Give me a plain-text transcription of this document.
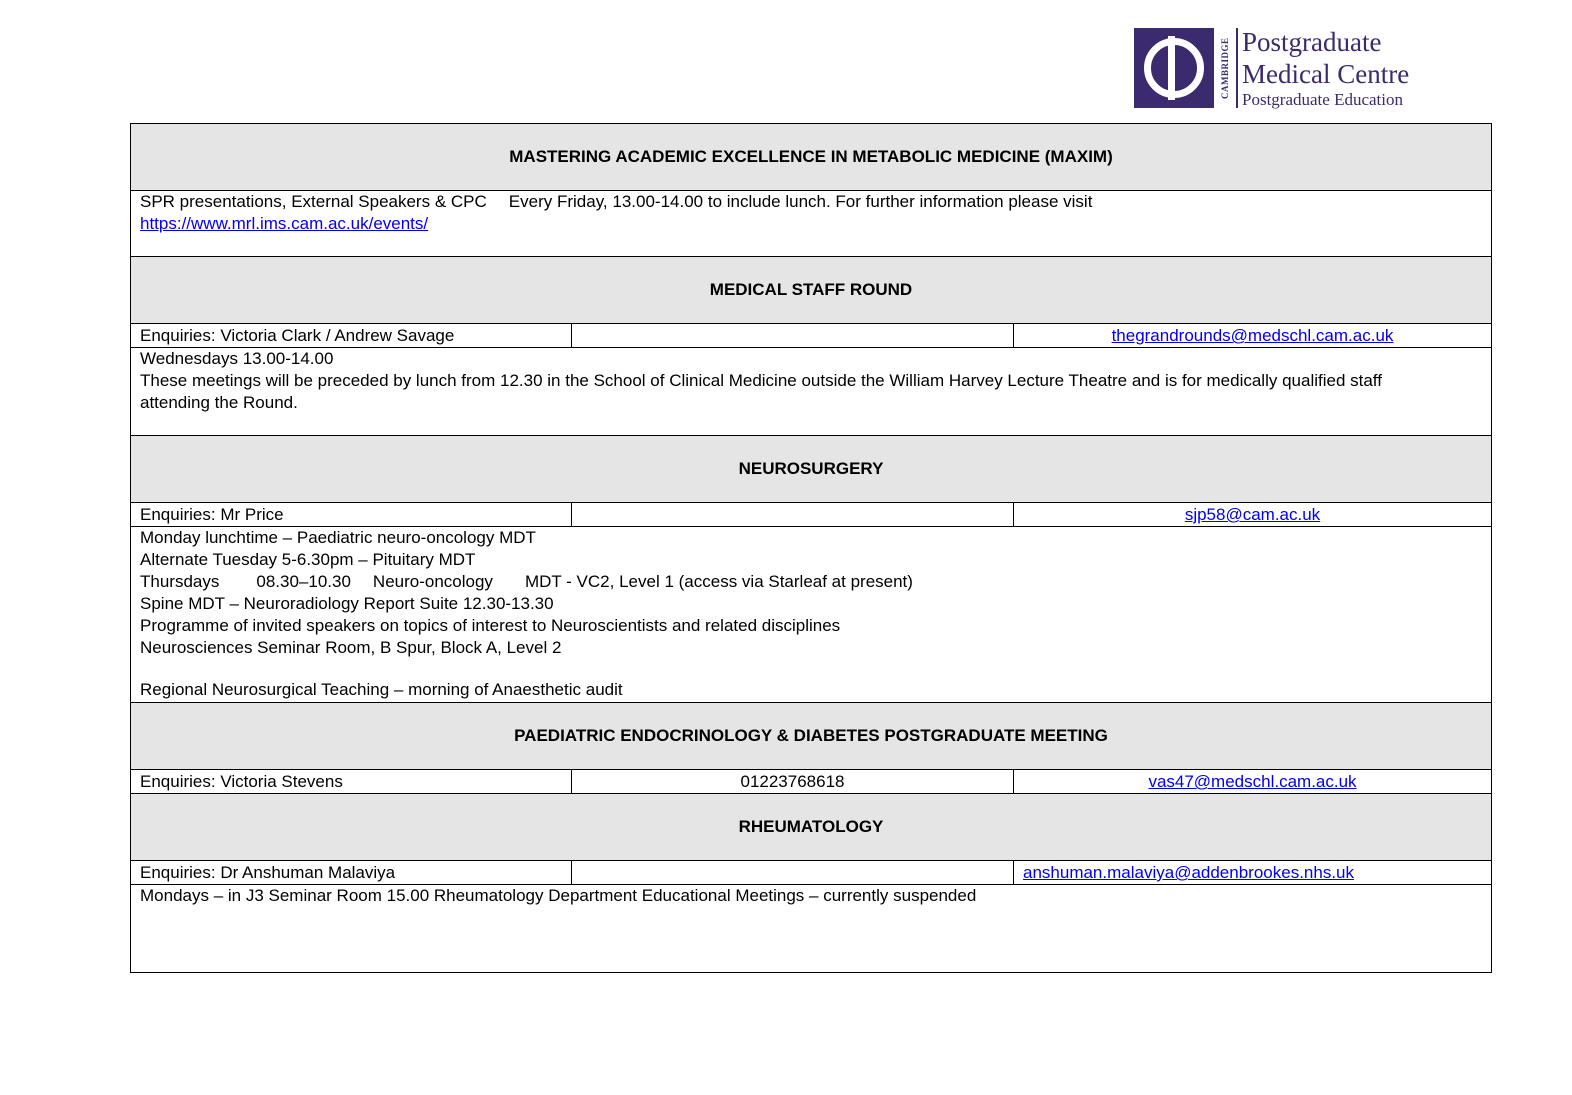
CAMBRIDGE Postgraduate
Medical Centre
Postgraduate Education
MASTERING ACADEMIC EXCELLENCE IN METABOLIC MEDICINE (MAXIM)
SPR presentations, External Speakers & CPC Every Friday, 13.00-14.00 to include lunch. For further information please visit
https://www.mrl.ims.cam.ac.uk/events/
MEDICAL STAFF ROUND
Enquiries: Victoria Clark / Andrew Savage	thegrandrounds@medschl.cam.ac.uk
Wednesdays 13.00-14.00
These meetings will be preceded by lunch from 12.30 in the School of Clinical Medicine outside the William Harvey Lecture Theatre and is for medically qualified staff attending the Round.
NEUROSURGERY
Enquiries: Mr Price	sjp58@cam.ac.uk
Monday lunchtime – Paediatric neuro-oncology MDT
Alternate Tuesday 5-6.30pm – Pituitary MDT
Thursdays 08.30–10.30 Neuro-oncology MDT - VC2, Level 1 (access via Starleaf at present)
Spine MDT – Neuroradiology Report Suite 12.30-13.30
Programme of invited speakers on topics of interest to Neuroscientists and related disciplines
Neurosciences Seminar Room, B Spur, Block A, Level 2
Regional Neurosurgical Teaching – morning of Anaesthetic audit
PAEDIATRIC ENDOCRINOLOGY & DIABETES POSTGRADUATE MEETING
Enquiries: Victoria Stevens	01223768618	vas47@medschl.cam.ac.uk
RHEUMATOLOGY
Enquiries: Dr Anshuman Malaviya	anshuman.malaviya@addenbrookes.nhs.uk
Mondays – in J3 Seminar Room 15.00 Rheumatology Department Educational Meetings – currently suspended
